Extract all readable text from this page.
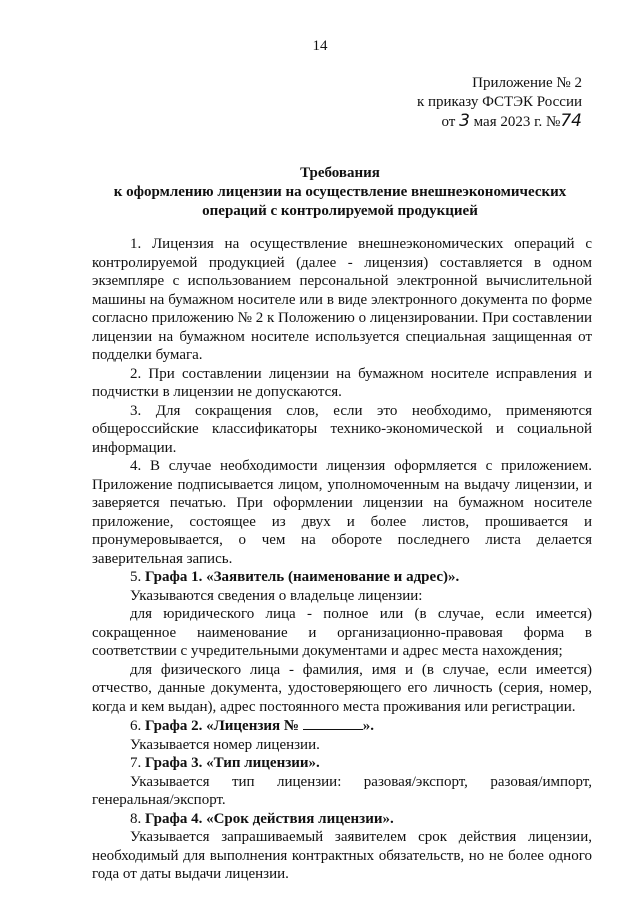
14
Приложение № 2
к приказу ФСТЭК России
от 3 мая 2023 г. №74
Требования
к оформлению лицензии на осуществление внешнеэкономических
операций с контролируемой продукцией

1. Лицензия на осуществление внешнеэкономических операций с контролируемой продукцией (далее - лицензия) составляется в одном экземпляре с использованием персональной электронной вычислительной машины на бумажном носителе или в виде электронного документа по форме согласно приложению № 2 к Положению о лицензировании. При составлении лицензии на бумажном носителе используется специальная защищенная от подделки бумага.

2. При составлении лицензии на бумажном носителе исправления и подчистки в лицензии не допускаются.

3. Для сокращения слов, если это необходимо, применяются общероссийские классификаторы технико-экономической и социальной информации.

4. В случае необходимости лицензия оформляется с приложением. Приложение подписывается лицом, уполномоченным на выдачу лицензии, и заверяется печатью. При оформлении лицензии на бумажном носителе приложение, состоящее из двух и более листов, прошивается и пронумеровывается, о чем на обороте последнего листа делается заверительная запись.

5. Графа 1. «Заявитель (наименование и адрес)».

Указываются сведения о владельце лицензии:

для юридического лица - полное или (в случае, если имеется) сокращенное наименование и организационно-правовая форма в соответствии с учредительными документами и адрес места нахождения;

для физического лица - фамилия, имя и (в случае, если имеется) отчество, данные документа, удостоверяющего его личность (серия, номер, когда и кем выдан), адрес постоянного места проживания или регистрации.

6. Графа 2. «Лицензия №	».

Указывается номер лицензии.

7. Графа 3. «Тип лицензии».

Указывается тип лицензии: разовая/экспорт, разовая/импорт, генеральная/экспорт.

8. Графа 4. «Срок действия лицензии».

Указывается запрашиваемый заявителем срок действия лицензии, необходимый для выполнения контрактных обязательств, но не более одного года от даты выдачи лицензии.
